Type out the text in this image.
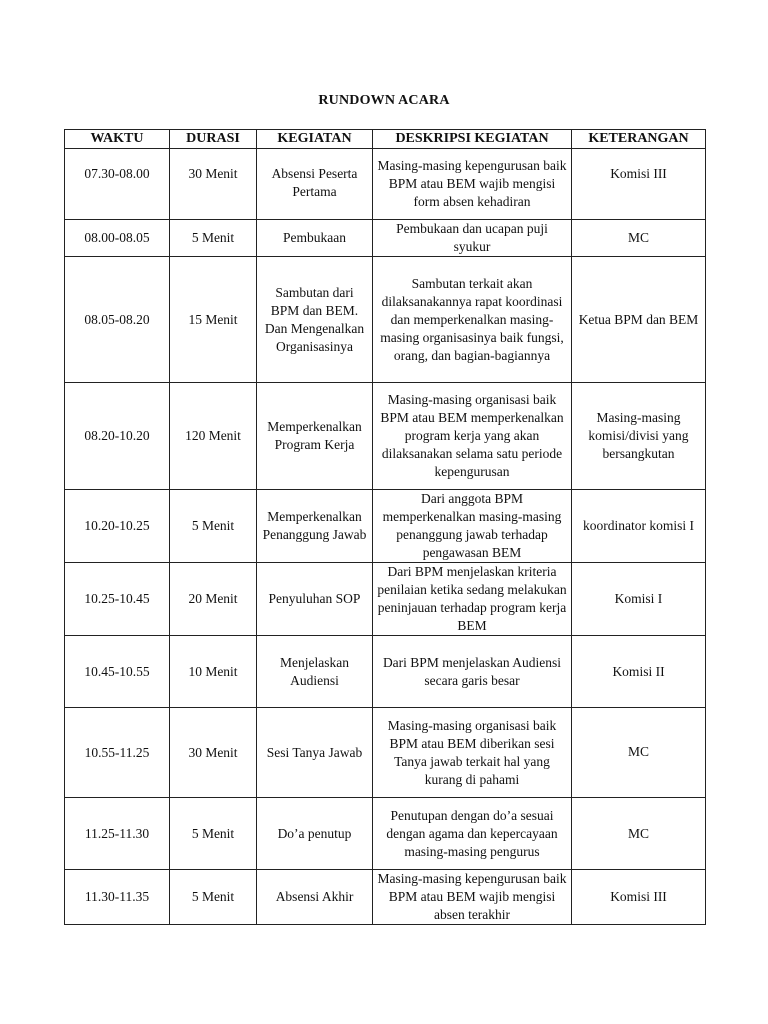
RUNDOWN ACARA
WAKTU	DURASI	KEGIATAN	DESKRIPSI KEGIATAN	KETERANGAN
07.30-08.00	30 Menit	Absensi Peserta Pertama	Masing-masing kepengurusan baik BPM atau BEM wajib mengisi form absen kehadiran	Komisi III
08.00-08.05	5 Menit	Pembukaan	Pembukaan dan ucapan puji syukur	MC
08.05-08.20	15 Menit	Sambutan dari BPM dan BEM. Dan Mengenalkan Organisasinya	Sambutan terkait akan dilaksanakannya rapat koordinasi dan memperkenalkan masing-masing organisasinya baik fungsi, orang, dan bagian-bagiannya	Ketua BPM dan BEM
08.20-10.20	120 Menit	Memperkenalkan Program Kerja	Masing-masing organisasi baik BPM atau BEM memperkenalkan program kerja yang akan dilaksanakan selama satu periode kepengurusan	Masing-masing komisi/divisi yang bersangkutan
10.20-10.25	5 Menit	Memperkenalkan Penanggung Jawab	Dari anggota BPM memperkenalkan masing-masing penanggung jawab terhadap pengawasan BEM	koordinator komisi I
10.25-10.45	20 Menit	Penyuluhan SOP	Dari BPM menjelaskan kriteria penilaian ketika sedang melakukan peninjauan terhadap program kerja BEM	Komisi I
10.45-10.55	10 Menit	Menjelaskan Audiensi	Dari BPM menjelaskan Audiensi secara garis besar	Komisi II
10.55-11.25	30 Menit	Sesi Tanya Jawab	Masing-masing organisasi baik BPM atau BEM diberikan sesi Tanya jawab terkait hal yang kurang di pahami	MC
11.25-11.30	5 Menit	Do’a penutup	Penutupan dengan do’a sesuai dengan agama dan kepercayaan masing-masing pengurus	MC
11.30-11.35	5 Menit	Absensi Akhir	Masing-masing kepengurusan baik BPM atau BEM wajib mengisi absen terakhir	Komisi III
